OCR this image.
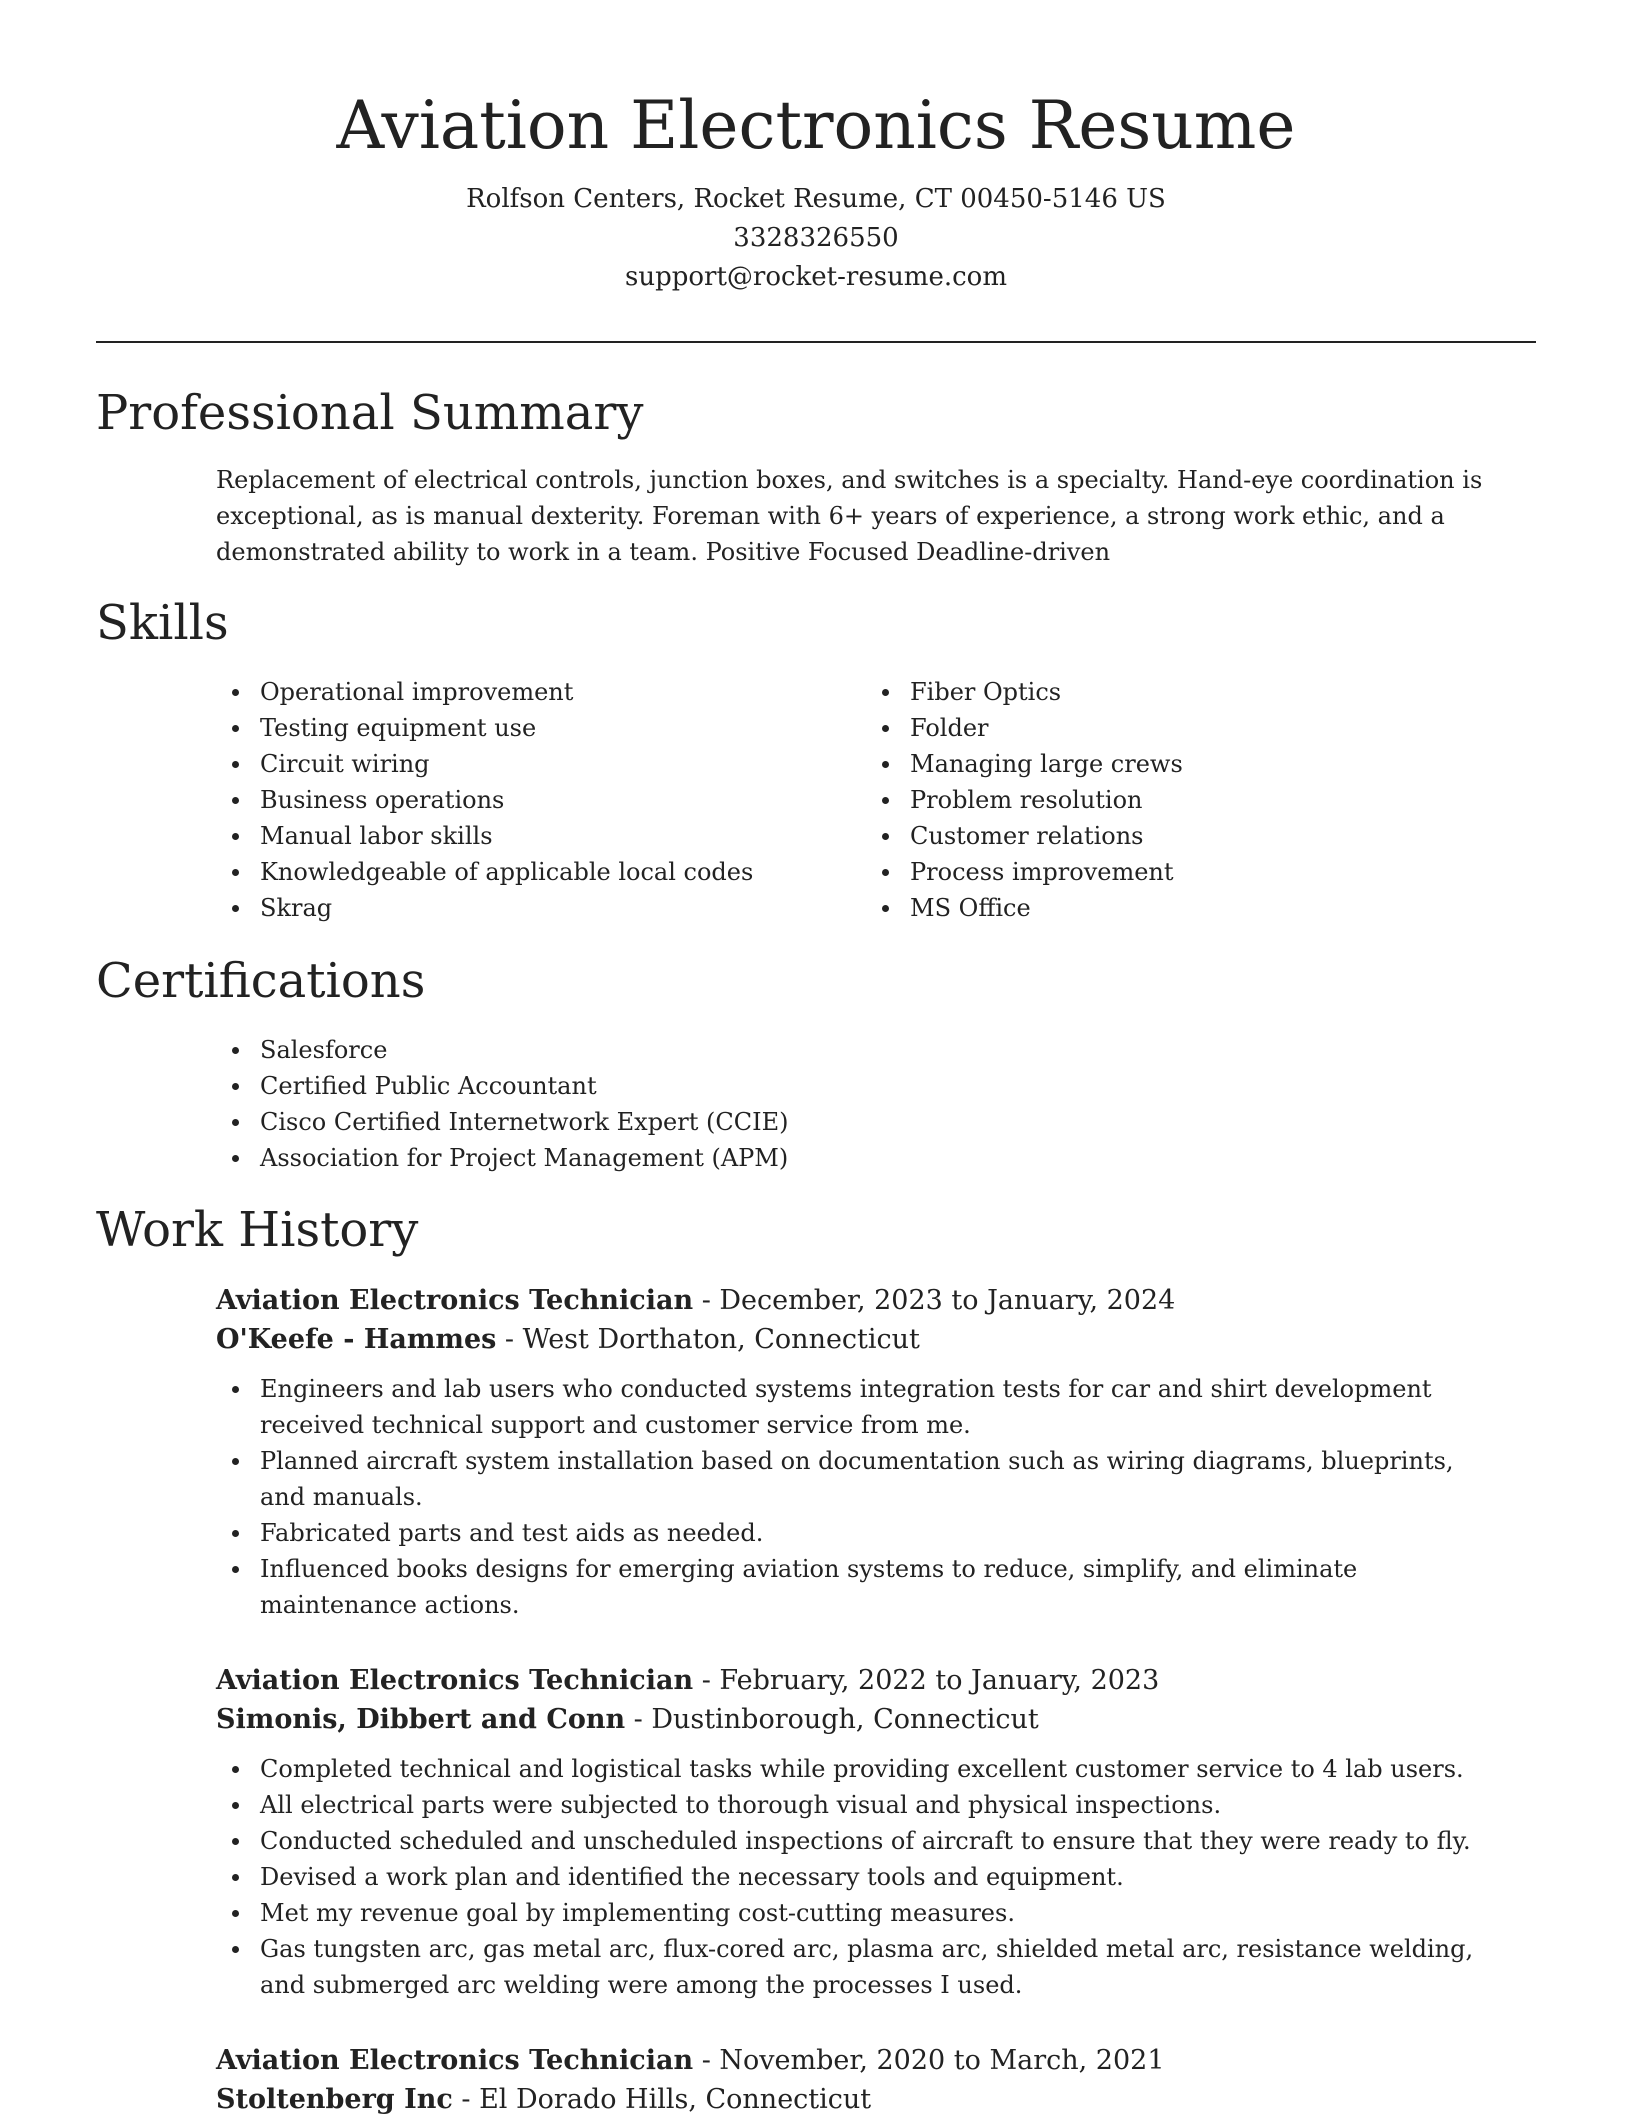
Aviation Electronics Resume
Rolfson Centers, Rocket Resume, CT 00450-5146 US
3328326550
support@rocket-resume.com
Professional Summary
Replacement of electrical controls, junction boxes, and switches is a specialty. Hand-eye coordination is exceptional, as is manual dexterity. Foreman with 6+ years of experience, a strong work ethic, and a demonstrated ability to work in a team. Positive Focused Deadline-driven
Skills
Operational improvement
Testing equipment use
Circuit wiring
Business operations
Manual labor skills
Knowledgeable of applicable local codes
Skrag
Fiber Optics
Folder
Managing large crews
Problem resolution
Customer relations
Process improvement
MS Office
Certifications
Salesforce
Certified Public Accountant
Cisco Certified Internetwork Expert (CCIE)
Association for Project Management (APM)
Work History
Aviation Electronics Technician - December, 2023 to January, 2024
O'Keefe - Hammes - West Dorthaton, Connecticut
Engineers and lab users who conducted systems integration tests for car and shirt development received technical support and customer service from me.
Planned aircraft system installation based on documentation such as wiring diagrams, blueprints, and manuals.
Fabricated parts and test aids as needed.
Influenced books designs for emerging aviation systems to reduce, simplify, and eliminate maintenance actions.
Aviation Electronics Technician - February, 2022 to January, 2023
Simonis, Dibbert and Conn - Dustinborough, Connecticut
Completed technical and logistical tasks while providing excellent customer service to 4 lab users.
All electrical parts were subjected to thorough visual and physical inspections.
Conducted scheduled and unscheduled inspections of aircraft to ensure that they were ready to fly.
Devised a work plan and identified the necessary tools and equipment.
Met my revenue goal by implementing cost-cutting measures.
Gas tungsten arc, gas metal arc, flux-cored arc, plasma arc, shielded metal arc, resistance welding, and submerged arc welding were among the processes I used.
Aviation Electronics Technician - November, 2020 to March, 2021
Stoltenberg Inc - El Dorado Hills, Connecticut
